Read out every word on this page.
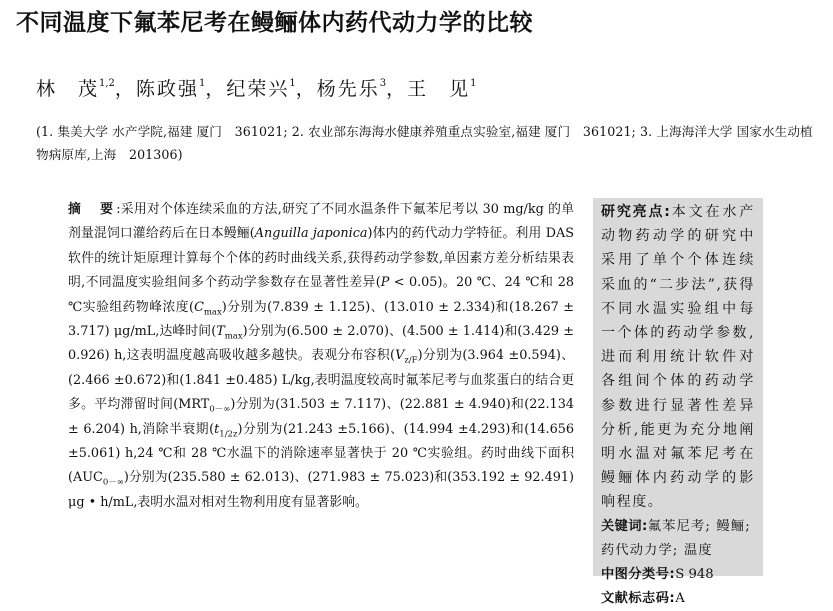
不同温度下氟苯尼考在鳗鲡体内药代动力学的比较
林　茂$^{1,2}$，陈政强$^1$，纪荣兴$^1$，杨先乐$^3$，王　见$^1$
(1. 集美大学 水产学院,福建 厦门　361021; 2. 农业部东海海水健康养殖重点实验室,福建 厦门　361021; 3. 上海海洋大学 国家水生动植物病原库,上海　201306)
摘　要:采用对个体连续采血的方法,研究了不同水温条件下氟苯尼考以 30 mg/kg 的单剂量混饲口灌给药后在日本鳗鲡(Anguilla japonica)体内的药代动力学特征。利用 DAS 软件的统计矩原理计算每个个体的药时曲线关系,获得药动学参数,单因素方差分析结果表明,不同温度实验组间多个药动学参数存在显著性差异(P < 0.05)。20 ℃、24 ℃和 28 ℃实验组药物峰浓度$(C_{max})$分别为(7.839 ± 1.125)、(13.010 ± 2.334)和(18.267 ± 3.717) μg/mL,达峰时间$(T_{max})$分别为(6.500 ± 2.070)、(4.500 ± 1.414)和(3.429 ± 0.926) h,这表明温度越高吸收越多越快。表观分布容积$(V_{z/F})$分别为(3.964 ±0.594)、(2.466 ±0.672)和(1.841 ±0.485) L/kg,表明温度较高时氟苯尼考与血浆蛋白的结合更多。平均滞留时间$(MRT_{0-\infty})$分别为(31.503 ± 7.117)、(22.881 ± 4.940)和(22.134 ± 6.204) h,消除半衰期$(t_{1/2z})$分别为(21.243 ±5.166)、(14.994 ±4.293)和(14.656 ±5.061) h,24 ℃和 28 ℃水温下的消除速率显著快于 20 ℃实验组。药时曲线下面积$(AUC_{0-\infty})$分别为(235.580 ± 62.013)、(271.983 ± 75.023)和(353.192 ± 92.491) μg • h/mL,表明水温对相对生物利用度有显著影响。
研究亮点:本文在水产动物药动学的研究中采用了单个个体连续采血的“二步法”,获得不同水温实验组中每一个体的药动学参数,进而利用统计软件对各组间个体的药动学参数进行显著性差异分析,能更为充分地阐明水温对氟苯尼考在鳗鲡体内药动学的影响程度。
关键词:氟苯尼考; 鳗鲡; 药代动力学; 温度
中图分类号:S 948
文献标志码:A
